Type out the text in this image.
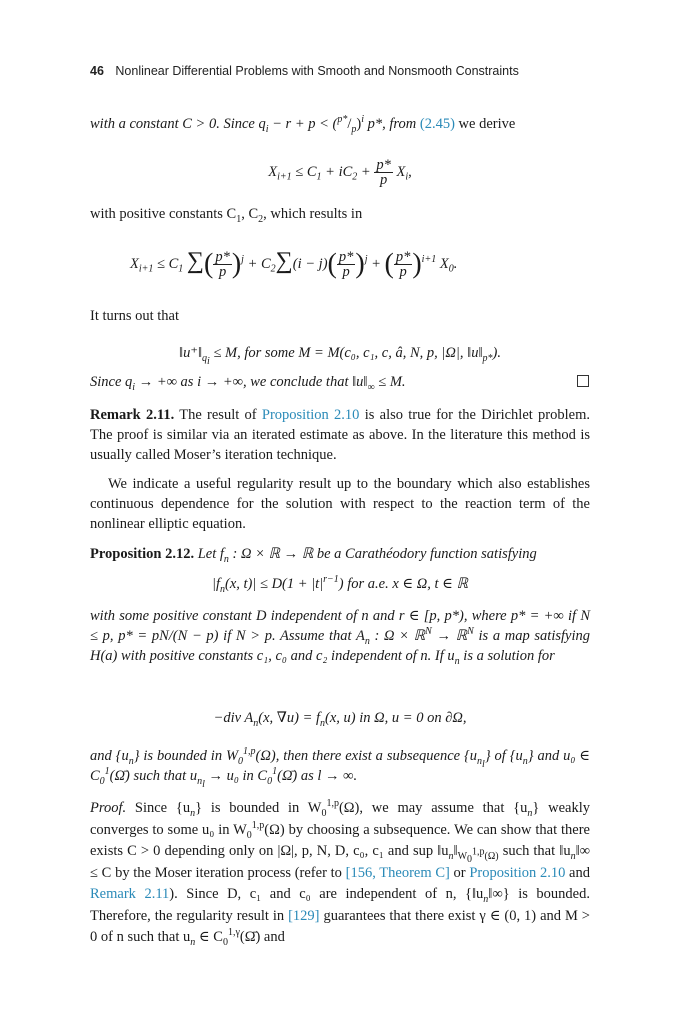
46 Nonlinear Differential Problems with Smooth and Nonsmooth Constraints
with a constant C > 0. Since $q_i - r + p < (^{p*}/_p)^i$ p*, from (2.45) we derive
$X_{i+1} \le C_1 + iC_2 + \frac{p*}{p} X_i$,
with positive constants $C_1$, $C_2$, which results in
$X_{i+1} \le C_1$ ∑( $\frac{p*}{p} )^j + C_2\sum(i - j)( \frac{p*}{p} )^j$ + ( $\frac{p*}{p} )^{i+1}$ $X_0$.
It turns out that
$‖u^+‖_{q_i} \le M$, for some M = M(c₀, c₁, c, â, N, p, |Ω|, $‖u‖_{p*}$).
Since $q_i$ → +∞ as i → +∞, we conclude that $‖u‖_\infty \le M$.
Remark 2.11. The result of Proposition 2.10 is also true for the Dirichlet problem. The proof is similar via an iterated estimate as above. In the literature this method is usually called Moser’s iteration technique.
We indicate a useful regularity result up to the boundary which also establishes continuous dependence for the solution with respect to the reaction term of the nonlinear elliptic equation.
Proposition 2.12. Let $f_n$ : Ω × ℝ → ℝ be a Carathéodory function satisfying
$|f_n(x$, $t)| \le D(1 + |t|^{r-1})$ for a.e. x ∈ Ω, t ∈ ℝ
with some positive constant D independent of n and r ∈ [p, p*), where p* = +∞ if N ≤ p, p* = pN/(N − p) if N > p. Assume that $A_n$ : Ω × ℝ$^N$ → ℝ$^N$ is a map satisfying H(a) with positive constants c₁, c₀ and c₂ independent of n. If $u_n$ is a solution for
−div $A_n(x$, $\nabla u) = f_n(x$, u) in Ω, u = 0 on ∂Ω,
and $\{u_n\}$ is bounded in $W_0^{1,p}(\Omega)$, then there exist a subsequence $\{u_{n_l}\}$ of $\{u_n\}$ and u₀ ∈ $C_0^1(\Omegā)$ such that $u_{n_l} \to u_0$ in $C_0^1(\Omegā)$ as l → ∞.
Proof. Since $\{u_n\}$ is bounded in $W_0^{1,p}(\Omega)$, we may assume that $\{u_n\}$ weakly converges to some u₀ in $W_0^{1,p}(\Omega)$ by choosing a subsequence. We can show that there exists C > 0 depending only on |Ω|, p, N, D, c₀, c₁ and sup $‖u_n‖_{W_0^{1,p}(\Omega)}$ such that $‖u_n‖\infty \le C$ by the Moser iteration process (refer to [156, Theorem C] or Proposition 2.10 and Remark 2.11). Since D, c₁ and c₀ are independent of n, $\{‖u_n‖\infty\}$ is bounded. Therefore, the regularity result in [129] guarantees that there exist γ ∈ (0, 1) and M > 0 of n such that $u_n$ ∈ $C_0^{1,\gamma}(\Omegā)$ and
